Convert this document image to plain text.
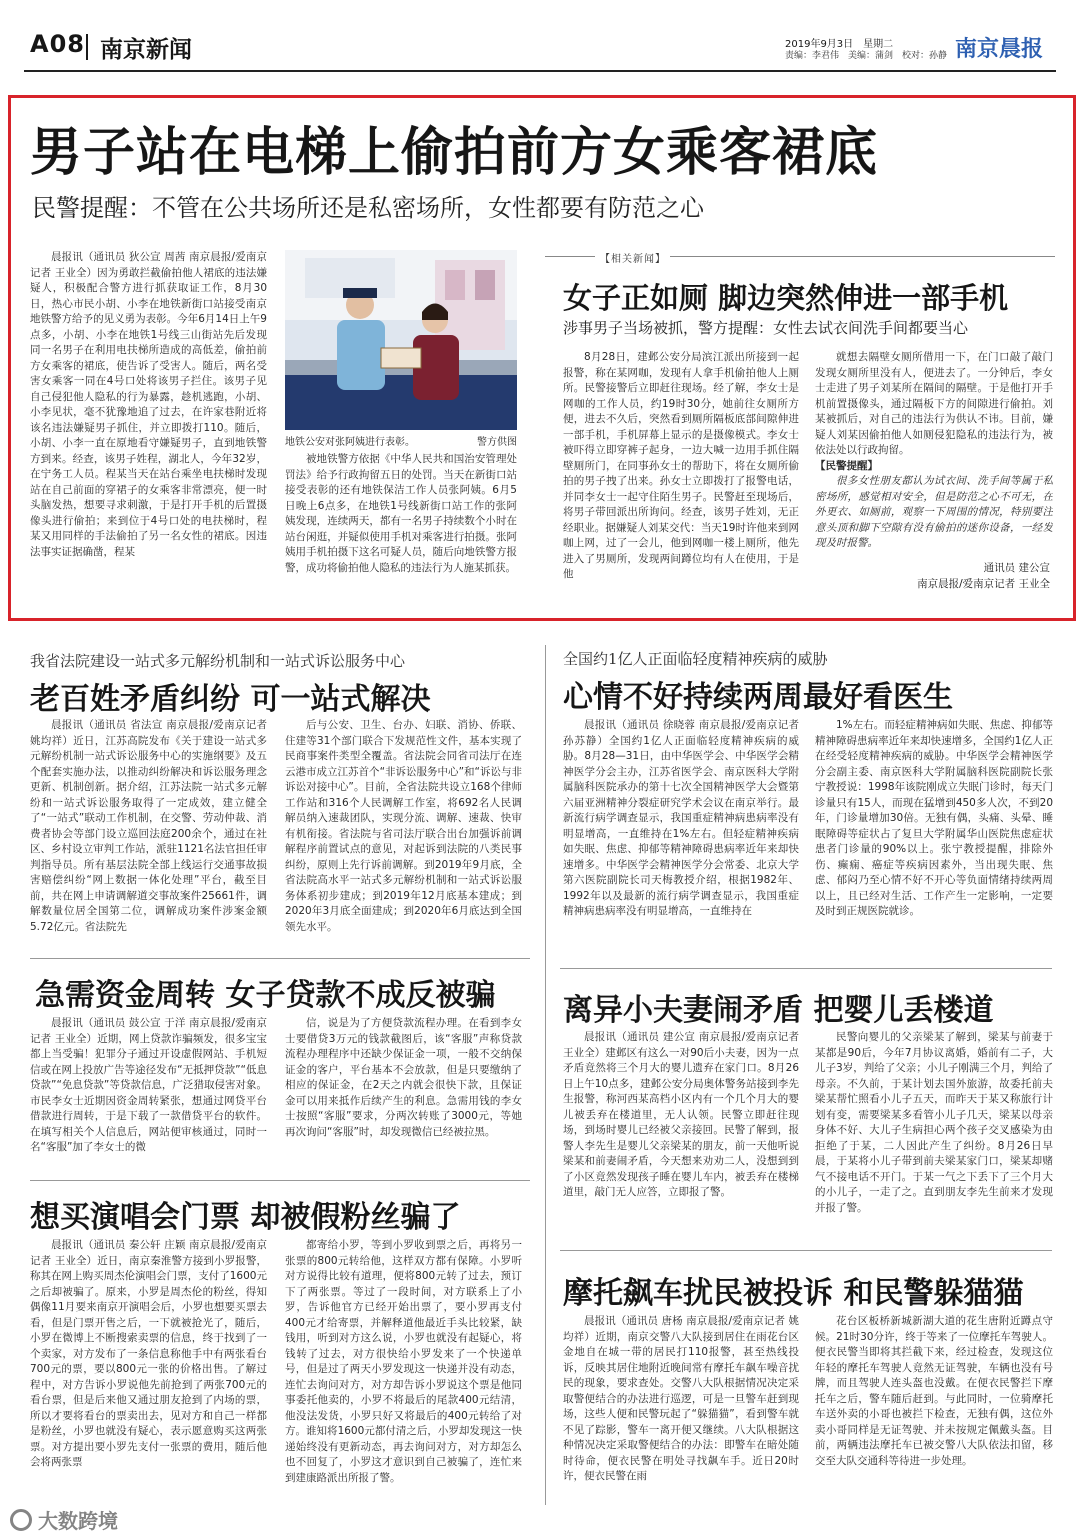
A08 南京新闻	2019年9月3日　星期二
责编：李君伟　美编：蒲剑　校对：孙静 南京晨报
男子站在电梯上偷拍前方女乘客裙底
民警提醒：不管在公共场所还是私密场所，女性都要有防范之心

晨报讯（通讯员 狄公宣 周茜 南京晨报/爱南京记者 王业全）因为勇敢拦截偷拍他人裙底的违法嫌疑人，积极配合警方进行抓获取证工作，8月30日，热心市民小胡、小李在地铁新街口站接受南京地铁警方给予的见义勇为表彰。今年6月14日上午9点多，小胡、小李在地铁1号线三山街站先后发现同一名男子在利用电扶梯所造成的高低差，偷拍前方女乘客的裙底，使告诉了受害人。随后，两名受害女乘客一同在4号口处将该男子拦住。该男子见自己侵犯他人隐私的行为暴露，趁机逃跑，小胡、小李见状，毫不犹豫地追了过去，在许家巷附近将该名违法嫌疑男子抓住，并立即拨打110。随后，小胡、小李一直在原地看守嫌疑男子，直到地铁警方到来。经查，该男子姓程，湖北人，今年32岁，在宁务工人员。程某当天在站台乘坐电扶梯时发现站在自己前面的穿裙子的女乘客非常漂亮，便一时头脑发热，想要寻求刺激，于是打开手机的后置摄像头进行偷拍；来到位于4号口处的电扶梯时，程某又用同样的手法偷拍了另一名女性的裙底。因违法事实证据确凿，程某

地铁公安对张阿姨进行表彰。	警方供图

被地铁警方依据《中华人民共和国治安管理处罚法》给予行政拘留五日的处罚。当天在新街口站接受表彰的还有地铁保洁工作人员张阿姨。6月5日晚上6点多，在地铁1号线新街口站工作的张阿姨发现，连续两天，都有一名男子持续数个小时在站台闲逛，并疑似使用手机对乘客进行拍摄。张阿姨用手机拍摄下这名可疑人员，随后向地铁警方报警，成功将偷拍他人隐私的违法行为人施某抓获。

【相关新闻】
女子正如厕 脚边突然伸进一部手机
涉事男子当场被抓，警方提醒：女性去试衣间洗手间都要当心

8月28日，建邺公安分局滨江派出所接到一起报警，称在某网咖，发现有人拿手机偷拍他人上厕所。民警接警后立即赶往现场。经了解，李女士是网咖的工作人员，约19时30分，她前往女厕所方便，进去不久后，突然看到厕所隔板底部间隙伸进一部手机，手机屏幕上显示的是摄像模式。李女士被吓得立即穿裤子起身，一边大喊一边用手抓住隔壁厕所门，在同事孙女士的帮助下，将在女厕所偷拍的男子拽了出来。孙女士立即拨打了报警电话，并同李女士一起守住陌生男子。民警赶至现场后，将男子带回派出所询问。经查，该男子姓刘，无正经职业。据嫌疑人刘某交代：当天19时许他来到网咖上网，过了一会儿，他到网咖一楼上厕所，他先进入了男厕所，发现两间蹲位均有人在使用，于是他

就想去隔壁女厕所借用一下，在门口敲了敲门发现女厕所里没有人，便进去了。一分钟后，李女士走进了男子刘某所在隔间的隔壁。于是他打开手机前置摄像头，通过隔板下方的间隙进行偷拍。刘某被抓后，对自己的违法行为供认不讳。目前，嫌疑人刘某因偷拍他人如厕侵犯隐私的违法行为，被依法处以行政拘留。

【民警提醒】

很多女性朋友都认为试衣间、洗手间等属于私密场所，感觉相对安全，但是防范之心不可无，在外更衣、如厕前，观察一下周围的情况，特别要注意头顶和脚下空隙有没有偷拍的迷你设备，一经发现及时报警。

通讯员 建公宣
南京晨报/爱南京记者 王业全
我省法院建设一站式多元解纷机制和一站式诉讼服务中心
老百姓矛盾纠纷 可一站式解决

晨报讯（通讯员 省法宣 南京晨报/爱南京记者 姚均祥）近日，江苏高院发布《关于建设一站式多元解纷机制一站式诉讼服务中心的实施纲要》及五个配套实施办法，以推动纠纷解决和诉讼服务理念更新、机制创新。据介绍，江苏法院一站式多元解纷和一站式诉讼服务取得了一定成效，建立健全了“一站式”联动工作机制，在交警、劳动仲裁、消费者协会等部门设立巡回法庭200余个，通过在社区、乡村设立审判工作站，派驻1121名法官担任审判指导员。所有基层法院全部上线运行交通事故损害赔偿纠纷“网上数据一体化处理”平台，截至目前，共在网上申请调解道交事故案件25661件，调解数量位居全国第二位，调解成功案件涉案金额5.72亿元。省法院先

后与公安、卫生、台办、妇联、消协、侨联、住建等31个部门联合下发规范性文件，基本实现了民商事案件类型全覆盖。省法院会同省司法厅在连云港市成立江苏首个“非诉讼服务中心”和“诉讼与非诉讼对接中心”。目前，全省法院共设立168个律师工作站和316个人民调解工作室，将692名人民调解员纳入速裁团队，实现分流、调解、速裁、快审有机衔接。省法院与省司法厅联合出台加强诉前调解程序前置试点的意见，对起诉到法院的八类民事纠纷，原则上先行诉前调解。到2019年9月底，全省法院高水平一站式多元解纷机制和一站式诉讼服务体系初步建成；到2019年12月底基本建成；到2020年3月底全面建成；到2020年6月底达到全国领先水平。

全国约1亿人正面临轻度精神疾病的威胁
心情不好持续两周最好看医生

晨报讯（通讯员 徐晓蓉 南京晨报/爱南京记者 孙苏静）全国约1亿人正面临轻度精神疾病的威胁。8月28—31日，由中华医学会、中华医学会精神医学分会主办，江苏省医学会、南京医科大学附属脑科医院承办的第十七次全国精神医学大会暨第六届亚洲精神分裂症研究学术会议在南京举行。最新流行病学调查显示，我国重症精神病患病率没有明显增高，一直维持在1%左右。但轻症精神疾病如失眠、焦虑、抑郁等精神障碍患病率近年来却快速增多。中华医学会精神医学分会常委、北京大学第六医院副院长司天梅教授介绍，根据1982年、1992年以及最新的流行病学调查显示，我国重症精神病患病率没有明显增高，一直维持在

1%左右。而轻症精神病如失眠、焦虑、抑郁等精神障碍患病率近年来却快速增多，全国约1亿人正在经受轻度精神疾病的威胁。中华医学会精神医学分会副主委、南京医科大学附属脑科医院副院长张宁教授说：1998年该院刚成立失眠门诊时，每天门诊量只有15人，而现在猛增到450多人次，不到20年，门诊量增加30倍。无独有偶，头痛、头晕、睡眠障碍等症状占了复旦大学附属华山医院焦虑症状患者门诊量的90%以上。张宁教授提醒，排除外伤、癫痫、癌症等疾病因素外，当出现失眠、焦虑、郁闷乃至心情不好不开心等负面情绪持续两周以上，且已经对生活、工作产生一定影响，一定要及时到正规医院就诊。

急需资金周转 女子贷款不成反被骗

晨报讯（通讯员 鼓公宣 于洋 南京晨报/爱南京记者 王业全）近期，网上贷款诈骗频发，很多宝宝都上当受骗！犯罪分子通过开设虚假网站、手机短信或在网上投放广告等途径发布“无抵押贷款”“低息贷款”“免息贷款”等贷款信息，广泛猎取侵害对象。市民李女士近期因资金周转紧张，想通过网贷平台借款进行周转，于是下载了一款借贷平台的软件。在填写相关个人信息后，网站便审核通过，同时一名“客服”加了李女士的微

信，说是为了方便贷款流程办理。在看到李女士要借贷3万元的钱款截图后，该“客服”声称贷款流程办理程序中还缺少保证金一项，一般不交纳保证金的客户，平台基本不会放款，但是只要缴纳了相应的保证金，在2天之内就会很快下款，且保证金可以用来抵作后续产生的利息。急需用钱的李女士按照“客服”要求，分两次转账了3000元，等她再次询问“客服”时，却发现微信已经被拉黑。

离异小夫妻闹矛盾 把婴儿丢楼道

晨报讯（通讯员 建公宣 南京晨报/爱南京记者 王业全）建邺区有这么一对90后小夫妻，因为一点矛盾竟然将三个月大的婴儿遗弃在家门口。8月26日上午10点多，建邺公安分局奥体警务站接到李先生报警，称河西某高档小区内有一个几个月大的婴儿被丢弃在楼道里，无人认领。民警立即赶往现场，到场时婴儿已经被父亲接回。民警了解到，报警人李先生是婴儿父亲梁某的朋友，前一天他听说梁某和前妻闹矛盾，今天想来劝劝二人，没想到到了小区竟然发现孩子睡在婴儿车内，被丢弃在楼梯道里，敲门无人应答，立即报了警。

民警向婴儿的父亲梁某了解到，梁某与前妻于某都是90后，今年7月协议离婚，婚前有二子，大儿子3岁，判给了父亲；小儿子刚满三个月，判给了母亲。不久前，于某计划去国外旅游，故委托前夫梁某帮忙照看小儿子五天，而昨天于某又称旅行计划有变，需要梁某多看管小儿子几天，梁某以母亲身体不好、大儿子生病担心两个孩子交叉感染为由拒绝了于某，二人因此产生了纠纷。8月26日早晨，于某将小儿子带到前夫梁某家门口，梁某却赌气不接电话不开门。于某一气之下丢下了三个月大的小儿子，一走了之。直到朋友李先生前来才发现并报了警。

想买演唱会门票 却被假粉丝骗了

晨报讯（通讯员 秦公轩 庄颖 南京晨报/爱南京记者 王业全）近日，南京秦淮警方接到小罗报警，称其在网上购买周杰伦演唱会门票，支付了1600元之后却被骗了。原来，小罗是周杰伦的粉丝，得知偶像11月要来南京开演唱会后，小罗也想要买票去看，但是门票开售之后，一下就被抢光了，随后，小罗在微博上不断搜索卖票的信息，终于找到了一个卖家，对方发布了一条信息称他手中有两张看台700元的票，要以800元一张的价格出售。了解过程中，对方告诉小罗说他先前抢到了两张700元的看台票，但是后来他又通过朋友抢到了内场的票，所以才要将看台的票卖出去，见对方和自己一样都是粉丝，小罗也就没有疑心，表示愿意购买这两张票。对方提出要小罗先支付一张票的费用，随后他会将两张票

都寄给小罗，等到小罗收到票之后，再将另一张票的800元转给他，这样双方都有保障。小罗听对方说得比较有道理，便将800元转了过去，预订下了两张票。等过了一段时间，对方联系上了小罗，告诉他官方已经开始出票了，要小罗再支付400元才给寄票，并解释道他最近手头比较紧，缺钱用，听到对方这么说，小罗也就没有起疑心，将钱转了过去，对方很快给小罗发来了一个快递单号，但是过了两天小罗发现这一快递并没有动态，连忙去询问对方，对方却告诉小罗说这个票是他同事委托他卖的，小罗不将最后的尾款400元结清，他没法发货，小罗只好又将最后的400元转给了对方。谁知将1600元都付清之后，小罗却发现这一快递始终没有更新动态，再去询问对方，对方却怎么也不回复了，小罗这才意识到自己被骗了，连忙来到建康路派出所报了警。

摩托飙车扰民被投诉 和民警躲猫猫

晨报讯（通讯员 唐杨 南京晨报/爱南京记者 姚均祥）近期，南京交警八大队接到居住在雨花台区金地自在城一带的居民打110报警，甚至热线投诉，反映其居住地附近晚间常有摩托车飙车噪音扰民的现象，要求查处。交警八大队根据情况决定采取警便结合的办法进行巡逻，可是一旦警车赶到现场，这些人便和民警玩起了“躲猫猫”，看到警车就不见了踪影，警车一离开便又继续。八大队根据这种情况决定采取警便结合的办法：即警车在暗处随时待命，便衣民警在明处寻找飙车手。近日20时许，便衣民警在雨

花台区板桥新城新湖大道的花生唐附近蹲点守候。21时30分许，终于等来了一位摩托车驾驶人。便衣民警当即将其拦截下来，经过检查，发现这位年轻的摩托车驾驶人竟然无证驾驶，车辆也没有号牌，而且驾驶人连头盔也没戴。在便衣民警拦下摩托车之后，警车随后赶到。与此同时，一位骑摩托车送外卖的小哥也被拦下检查，无独有偶，这位外卖小哥同样是无证驾驶、并未按规定佩戴头盔。目前，两辆违法摩托车已被交警八大队依法扣留，移交至大队交通科等待进一步处理。

大数跨境
